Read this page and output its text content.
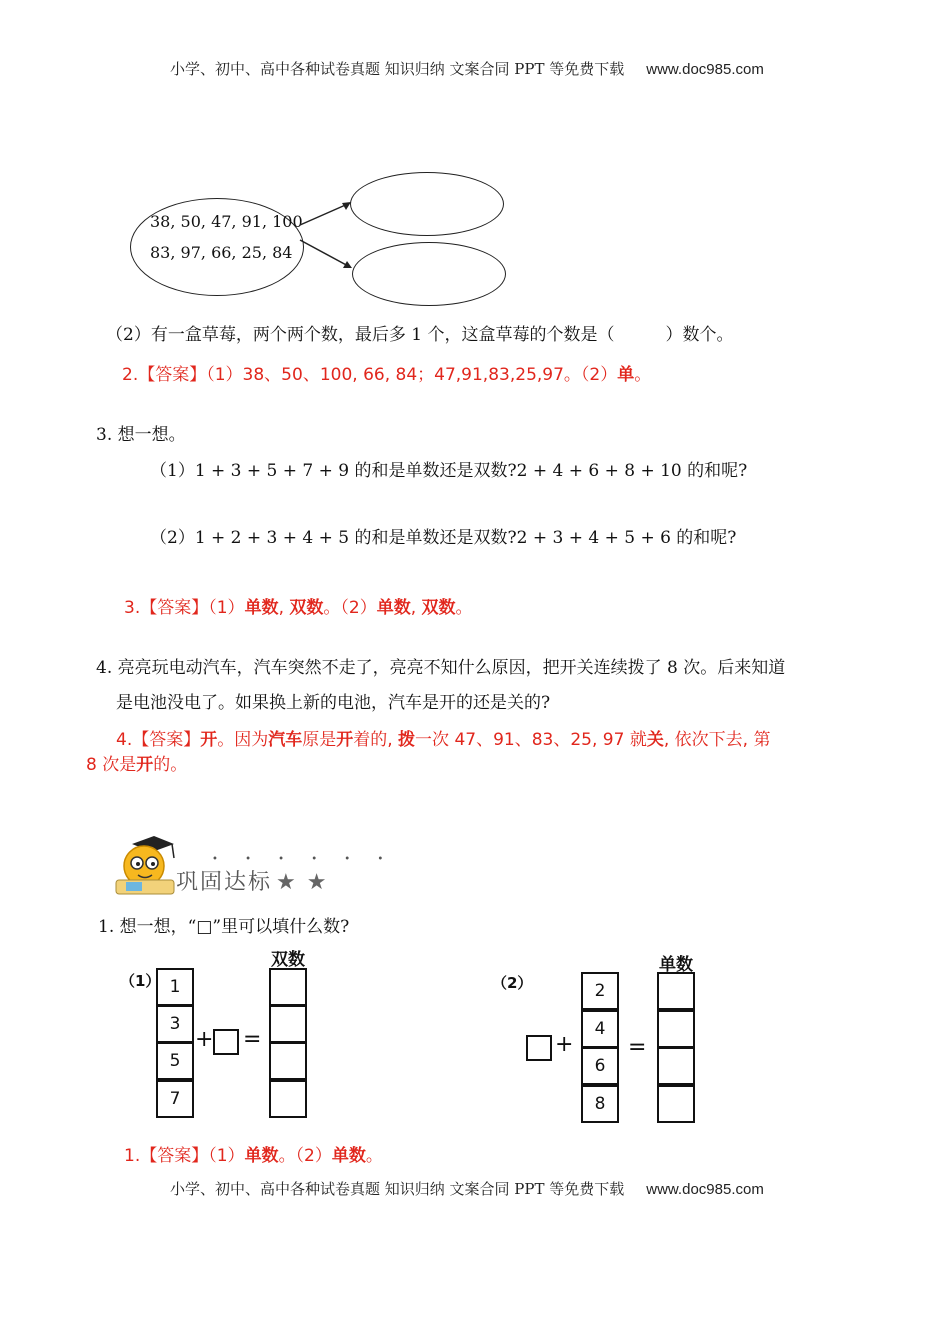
小学、初中、高中各种试卷真题 知识归纳 文案合同 PPT 等免费下载 www.doc985.com
38, 50, 47, 91, 100
83, 97, 66, 25, 84
（2）有一盒草莓，两个两个数，最后多 1 个，这盒草莓的个数是（　　　）数个。
2.【答案】（1）38、50、100, 66, 84；47,91,83,25,97。（2）单。
3. 想一想。
（1）1 + 3 + 5 + 7 + 9 的和是单数还是双数?2 + 4 + 6 + 8 + 10 的和呢?
（2）1 + 2 + 3 + 4 + 5 的和是单数还是双数?2 + 3 + 4 + 5 + 6 的和呢?
3.【答案】（1）单数, 双数。（2）单数, 双数。
4. 亮亮玩电动汽车，汽车突然不走了，亮亮不知什么原因，把开关连续拨了 8 次。后来知道
是电池没电了。如果换上新的电池，汽车是开的还是关的?
4.【答案】开。因为汽车原是开着的, 拨一次 47、91、83、25, 97 就关, 依次下去, 第
8 次是开的。
• • • • • •
巩固达标 ★ ★
1. 想一想，“□”里可以填什么数?
（1） 1
3
5
7
+ =
双数
（2）
+
2
4
6
8
=
单数
1.【答案】（1）单数。（2）单数。
小学、初中、高中各种试卷真题 知识归纳 文案合同 PPT 等免费下载 www.doc985.com
